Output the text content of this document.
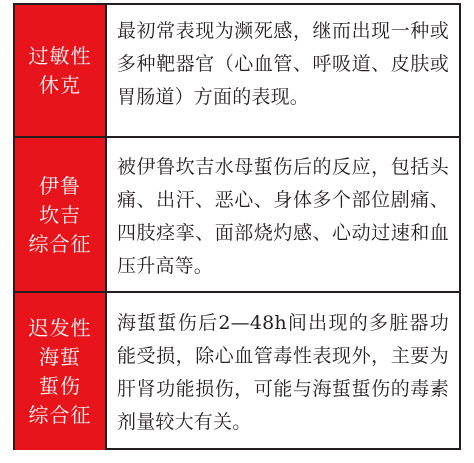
过敏性
休克
最初常表现为濒死感，继而出现一种或多种靶器官（心血管、呼吸道、皮肤或胃肠道）方面的表现。
伊鲁
坎吉
综合征
被伊鲁坎吉水母蜇伤后的反应，包括头痛、出汗、恶心、身体多个部位剧痛、四肢痉挛、面部烧灼感、心动过速和血压升高等。
迟发性
海蜇
蜇伤
综合征
海蜇蜇伤后2—48h间出现的多脏器功能受损，除心血管毒性表现外，主要为肝肾功能损伤，可能与海蜇蜇伤的毒素剂量较大有关。
